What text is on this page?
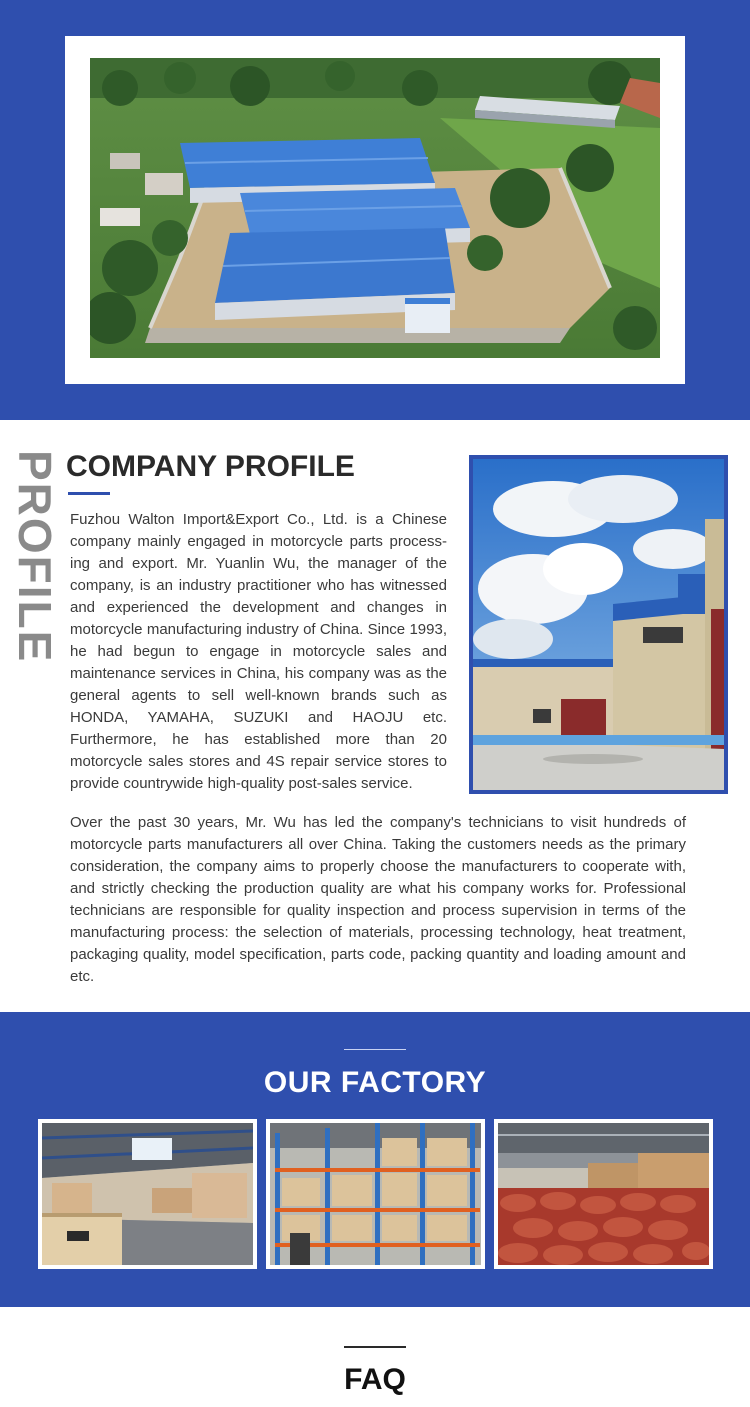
PROFILE COMPANY PROFILE

Fuzhou Walton Import&Export Co., Ltd. is a Chinese company mainly engaged in motorcycle parts processing and export. Mr. Yuanlin Wu, the manager of the company, is an industry practitioner who has witnessed and experienced the development and changes in motorcycle manufacturing industry of China. Since 1993, he had begun to engage in motorcycle sales and maintenance services in China, his company was as the general agents to sell well-known brands such as HONDA, YAMAHA, SUZUKI and HAOJU etc. Furthermore, he has established more than 20 motorcycle sales stores and 4S repair service stores to provide countrywide high-quality post-sales service.

Over the past 30 years, Mr. Wu has led the company's technicians to visit hundreds of motorcycle parts manufacturers all over China. Taking the customers needs as the primary consideration, the company aims to properly choose the manufacturers to cooperate with, and strictly checking the production quality are what his company works for. Professional technicians are responsible for quality inspection and process supervision in terms of the manufacturing process: the selection of materials, processing technology, heat treatment, packaging quality, model specification, parts code, packing quantity and loading amount and etc.

OUR FACTORY
FAQ
